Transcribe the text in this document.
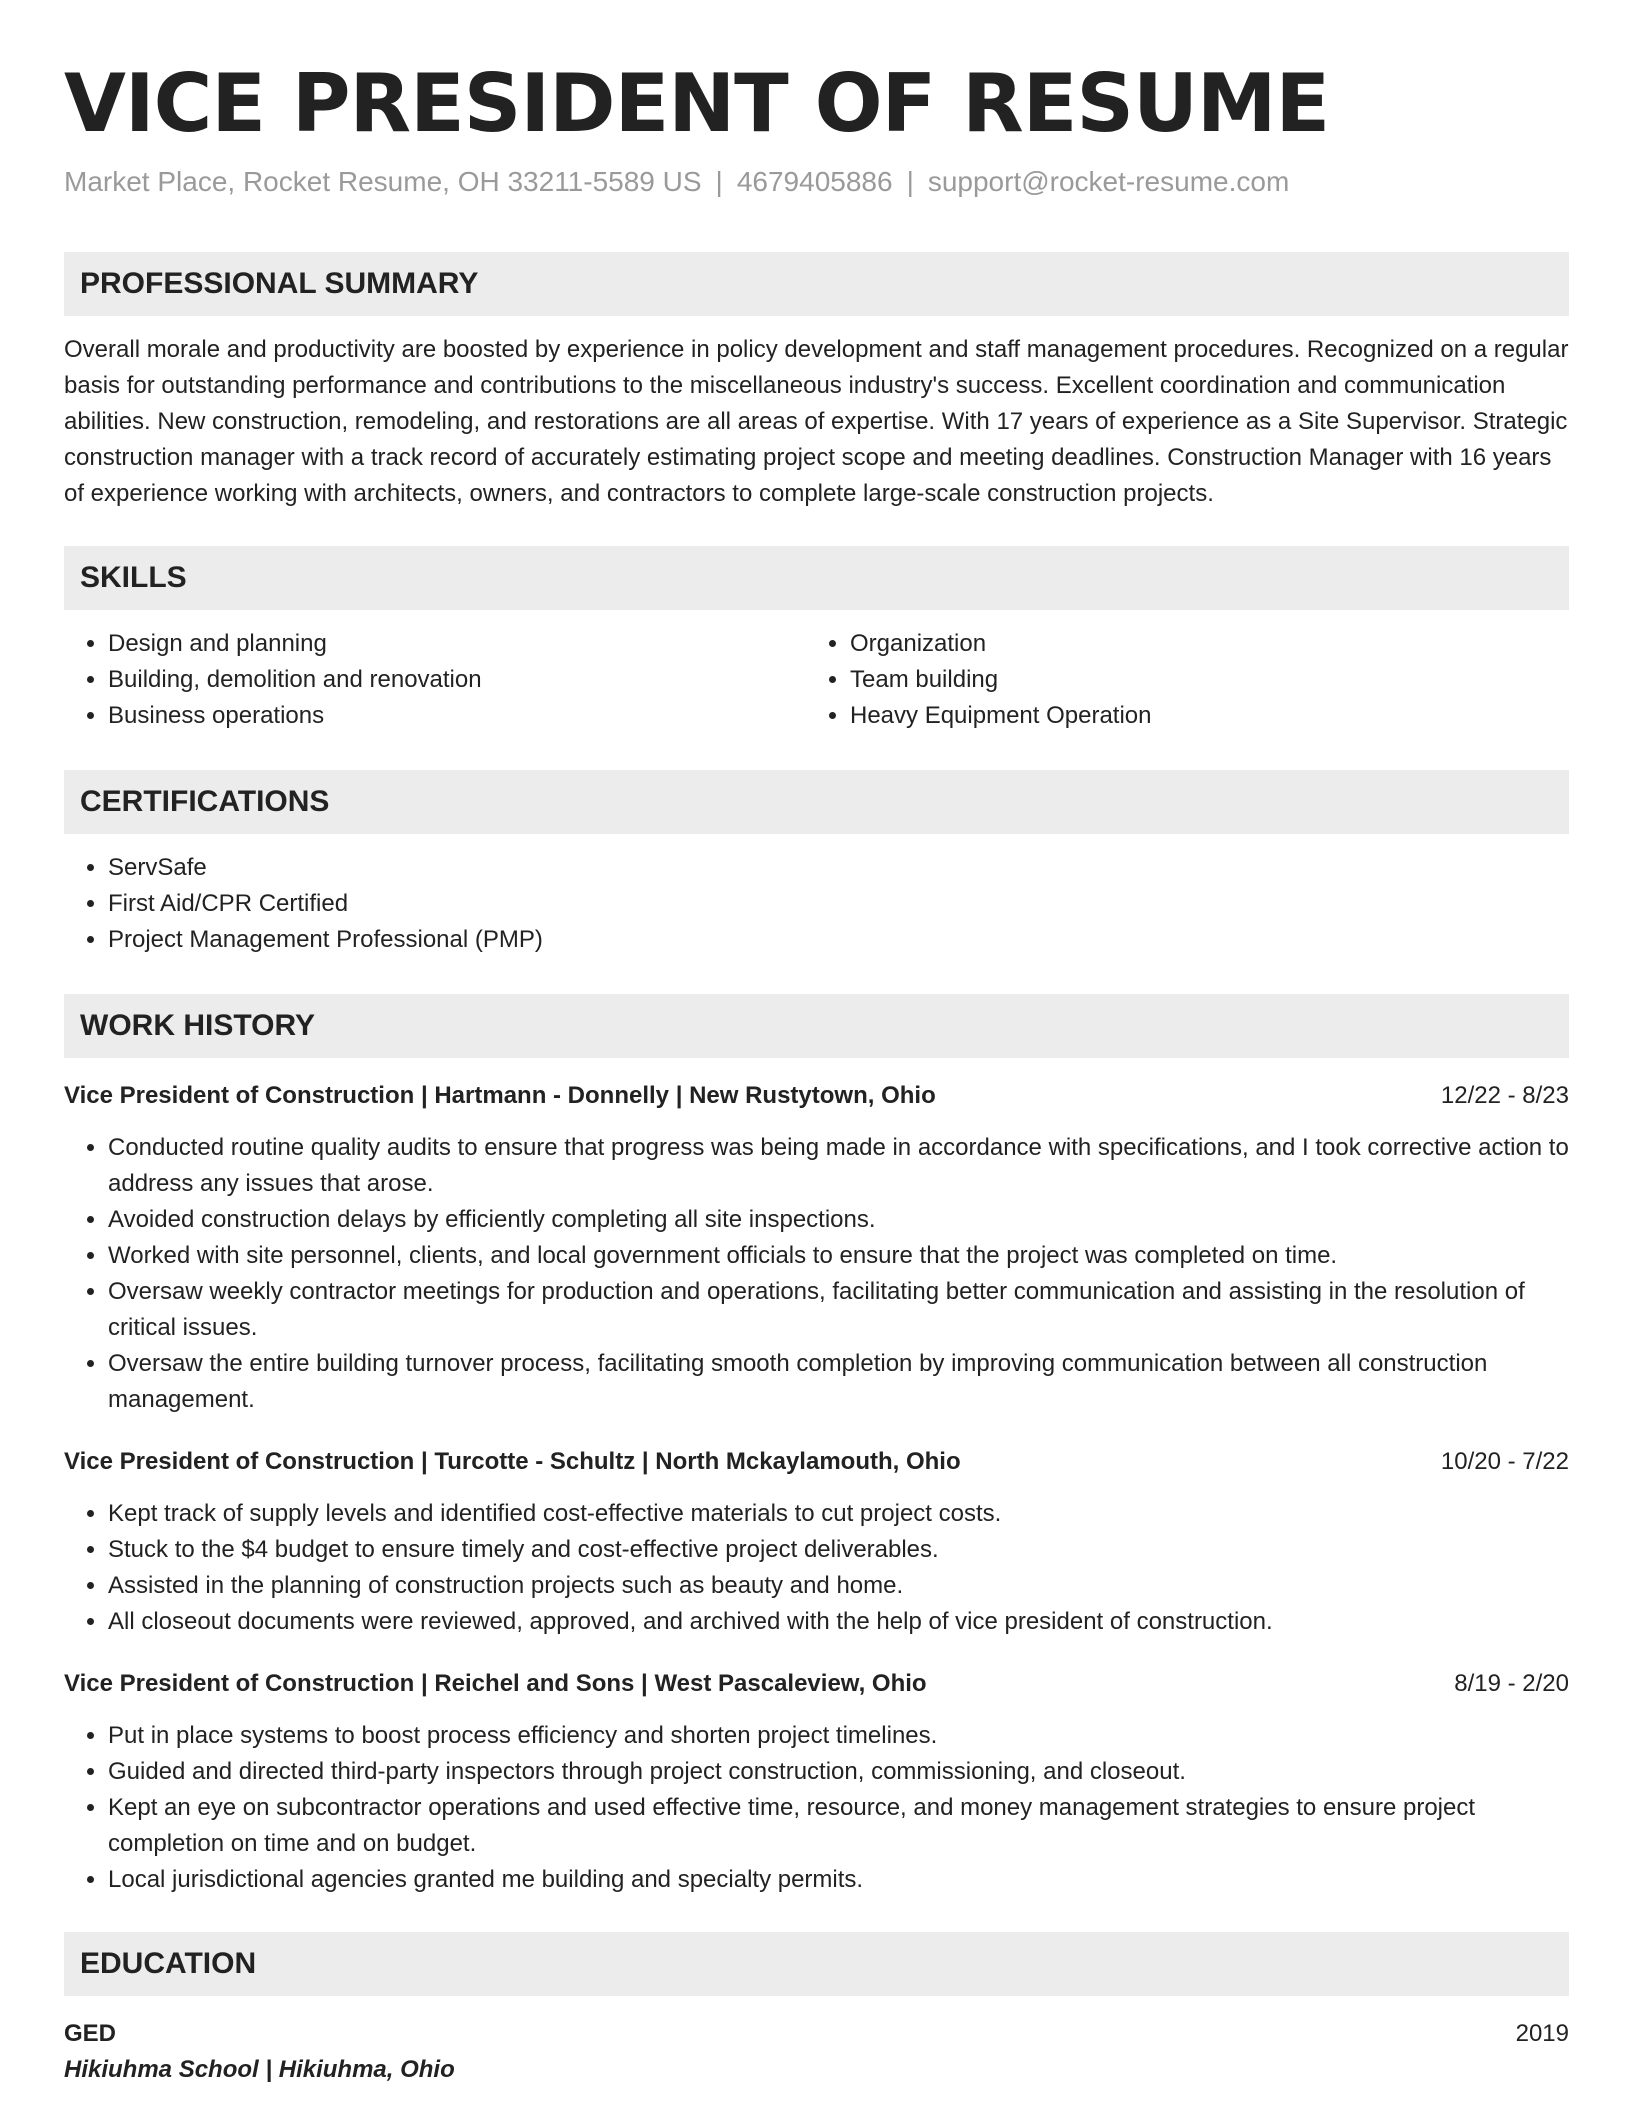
VICE PRESIDENT OF RESUME
Market Place, Rocket Resume, OH 33211-5589 US | 4679405886 | support@rocket-resume.com
PROFESSIONAL SUMMARY
Overall morale and productivity are boosted by experience in policy development and staff management procedures. Recognized on a regular basis for outstanding performance and contributions to the miscellaneous industry's success. Excellent coordination and communication abilities. New construction, remodeling, and restorations are all areas of expertise. With 17 years of experience as a Site Supervisor. Strategic construction manager with a track record of accurately estimating project scope and meeting deadlines. Construction Manager with 16 years of experience working with architects, owners, and contractors to complete large-scale construction projects.
SKILLS
• Design and planning
• Building, demolition and renovation
• Business operations
• Organization
• Team building
• Heavy Equipment Operation
CERTIFICATIONS
• ServSafe
• First Aid/CPR Certified
• Project Management Professional (PMP)
WORK HISTORY
Vice President of Construction | Hartmann - Donnelly | New Rustytown, Ohio	12/22 - 8/23
• Conducted routine quality audits to ensure that progress was being made in accordance with specifications, and I took corrective action to address any issues that arose.
• Avoided construction delays by efficiently completing all site inspections.
• Worked with site personnel, clients, and local government officials to ensure that the project was completed on time.
• Oversaw weekly contractor meetings for production and operations, facilitating better communication and assisting in the resolution of critical issues.
• Oversaw the entire building turnover process, facilitating smooth completion by improving communication between all construction management.
Vice President of Construction | Turcotte - Schultz | North Mckaylamouth, Ohio	10/20 - 7/22
• Kept track of supply levels and identified cost-effective materials to cut project costs.
• Stuck to the $4 budget to ensure timely and cost-effective project deliverables.
• Assisted in the planning of construction projects such as beauty and home.
• All closeout documents were reviewed, approved, and archived with the help of vice president of construction.
Vice President of Construction | Reichel and Sons | West Pascaleview, Ohio	8/19 - 2/20
• Put in place systems to boost process efficiency and shorten project timelines.
• Guided and directed third-party inspectors through project construction, commissioning, and closeout.
• Kept an eye on subcontractor operations and used effective time, resource, and money management strategies to ensure project completion on time and on budget.
• Local jurisdictional agencies granted me building and specialty permits.
EDUCATION
GED	2019
Hikiuhma School | Hikiuhma, Ohio
